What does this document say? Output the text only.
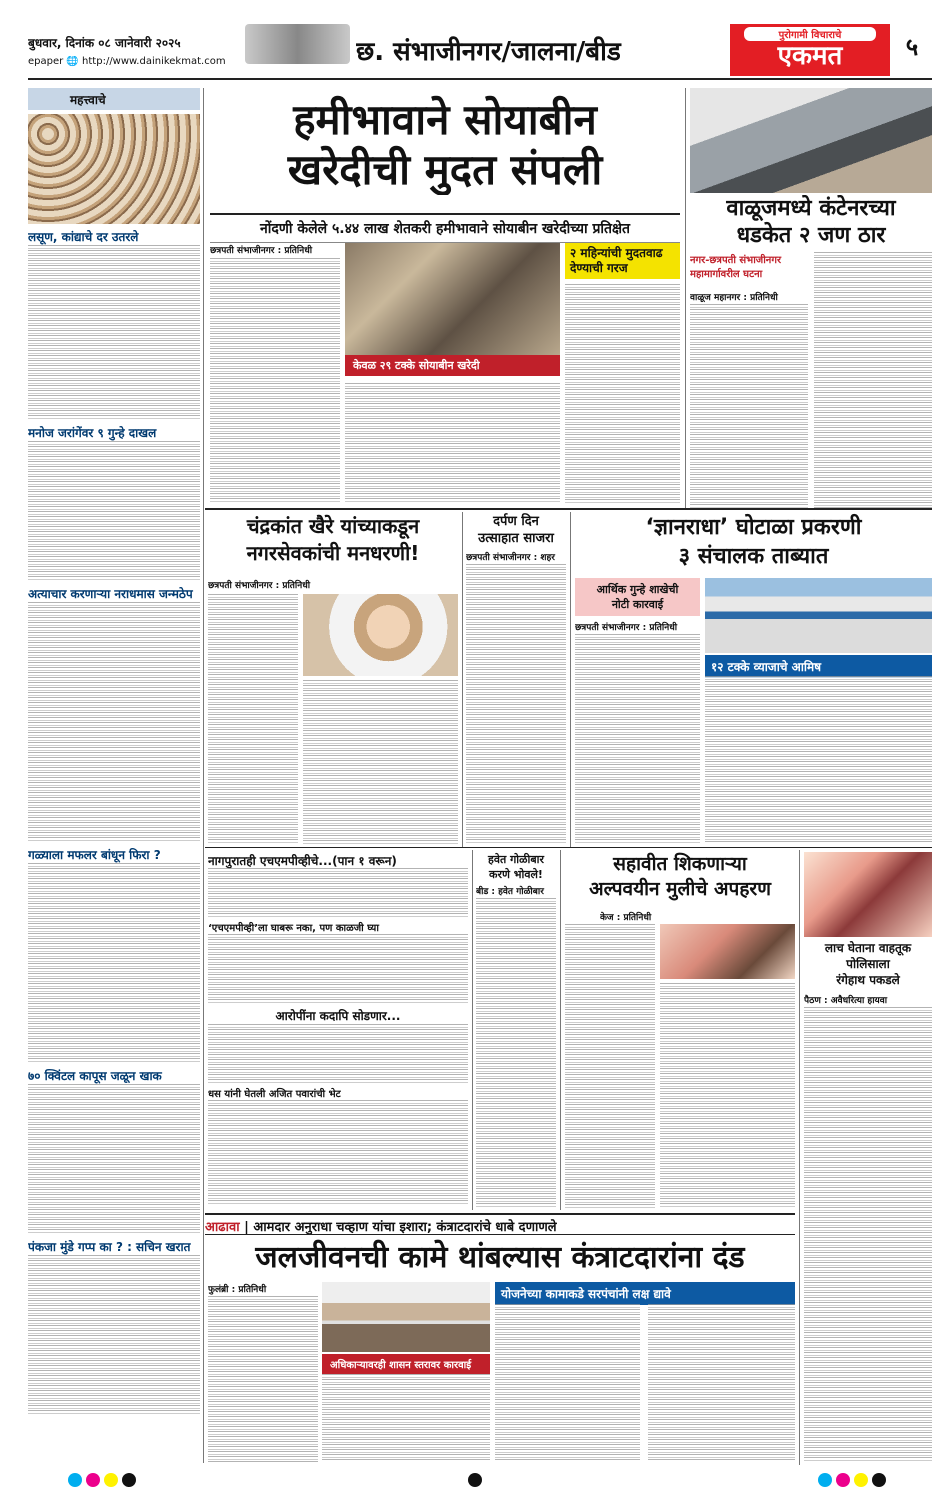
बुधवार, दिनांक ०८ जानेवारी २०२५
epaper 🌐 http://www.dainikekmat.com	छ. संभाजीनगर/जालना/बीड
पुरोगामी विचाराचे
एकमत	५
महत्त्वाचे
लसूण, कांद्याचे दर उतरले
मनोज जरांगेंवर ९ गुन्हे दाखल
अत्याचार करणाऱ्या नराधमास जन्मठेप
गळ्याला मफलर बांधून फिरा ?
७० क्विंटल कापूस जळून खाक
पंकजा मुंडे गप्प का ? : सचिन खरात
हमीभावाने सोयाबीन
खरेदीची मुदत संपली
नोंदणी केलेले ५.४४ लाख शेतकरी हमीभावाने सोयाबीन खरेदीच्या प्रतिक्षेत
छत्रपती संभाजीनगर : प्रतिनिधी
केवळ २९ टक्के सोयाबीन खरेदी
२ महिन्यांची मुदतवाढ देण्याची गरज
वाळूजमध्ये कंटेनरच्या
धडकेत २ जण ठार
नगर-छत्रपती संभाजीनगर महामार्गावरील घटना
वाळूज महानगर : प्रतिनिधी
चंद्रकांत खैरे यांच्याकडून
नगरसेवकांची मनधरणी!
छत्रपती संभाजीनगर : प्रतिनिधी
दर्पण दिन
उत्साहात साजरा
छत्रपती संभाजीनगर : शहर
‘ज्ञानराधा’ घोटाळा प्रकरणी
३ संचालक ताब्यात
आर्थिक गुन्हे शाखेची
नोटी कारवाई
छत्रपती संभाजीनगर : प्रतिनिधी
१२ टक्के व्याजाचे आमिष
नागपुरातही एचएमपीव्हीचे...(पान १ वरून)
‘एचएमपीव्ही’ला घाबरू नका, पण काळजी घ्या
आरोपींना कदापि सोडणार...
धस यांनी घेतली अजित पवारांची भेट
हवेत गोळीबार
करणे भोवले!
बीड : हवेत गोळीबार
सहावीत शिकणाऱ्या
अल्पवयीन मुलीचे अपहरण
केज : प्रतिनिधी
लाच घेताना वाहतूक
पोलिसाला
रंगेहाथ पकडले
पैठण : अवैधरित्या हायवा
आढावा | आमदार अनुराधा चव्हाण यांचा इशारा; कंत्राटदारांचे धाबे दणाणले
जलजीवनची कामे थांबल्यास कंत्राटदारांना दंड
फुलंब्री : प्रतिनिधी
अधिकाऱ्यावरही शासन स्तरावर कारवाई
योजनेच्या कामाकडे सरपंचांनी लक्ष द्यावे
